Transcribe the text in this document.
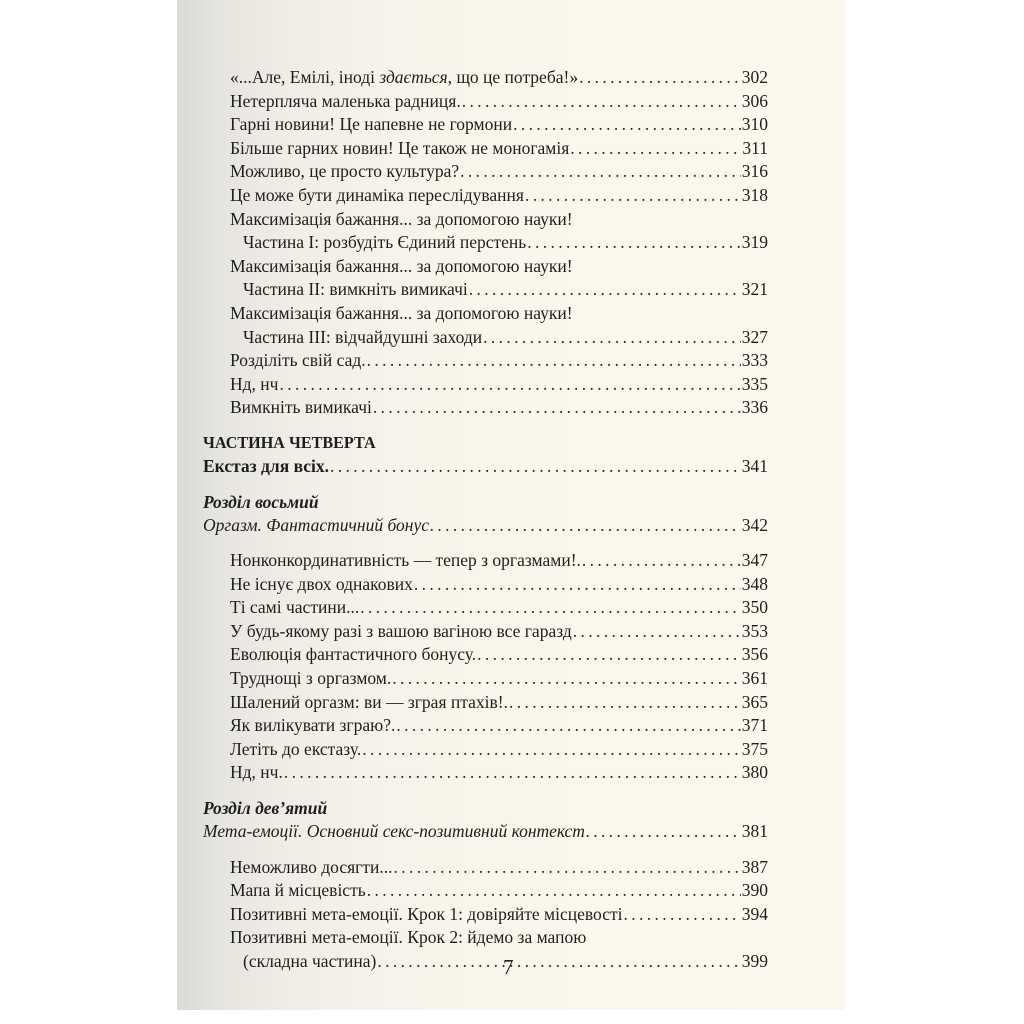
«...Але, Емілі, іноді здається, що це потреба!» . . .	302
Нетерпляча маленька радниця. . . .	306
Гарні новини! Це напевне не гормони . . .	310
Більше гарних новин! Це також не моногамія . . .	311
Можливо, це просто культура? . . .	316
Це може бути динаміка переслідування . . .	318
Максимізація бажання... за допомогою науки!
Частина І: розбудіть Єдиний перстень . . .	319
Максимізація бажання... за допомогою науки!
Частина ІІ: вимкніть вимикачі . . .	321
Максимізація бажання... за допомогою науки!
Частина ІІІ: відчайдушні заходи . . .	327
Розділіть свій сад. . . .	333
Нд, нч . . .	335
Вимкніть вимикачі . . .	336
ЧАСТИНА ЧЕТВЕРТА
Екстаз для всіх. . . .	341
Розділ восьмий
Оргазм. Фантастичний бонус . . .	342
Нонконкординативність — тепер з оргазмами!. . . .	347
Не існує двох однакових . . .	348
Ті самі частини... . . .	350
У будь-якому разі з вашою вагіною все гаразд . . .	353
Еволюція фантастичного бонусу. . . .	356
Труднощі з оргазмом. . . .	361
Шалений оргазм: ви — зграя птахів!. . . .	365
Як вилікувати зграю?. . . .	371
Летіть до екстазу. . . .	375
Нд, нч. . . .	380
Розділ дев’ятий
Мета-емоції. Основний секс-позитивний контекст . . .	381
Неможливо досягти... . . .	387
Мапа й місцевість . . .	390
Позитивні мета-емоції. Крок 1: довіряйте місцевості . . .	394
Позитивні мета-емоції. Крок 2: йдемо за мапою
(складна частина) . . .	399
7
